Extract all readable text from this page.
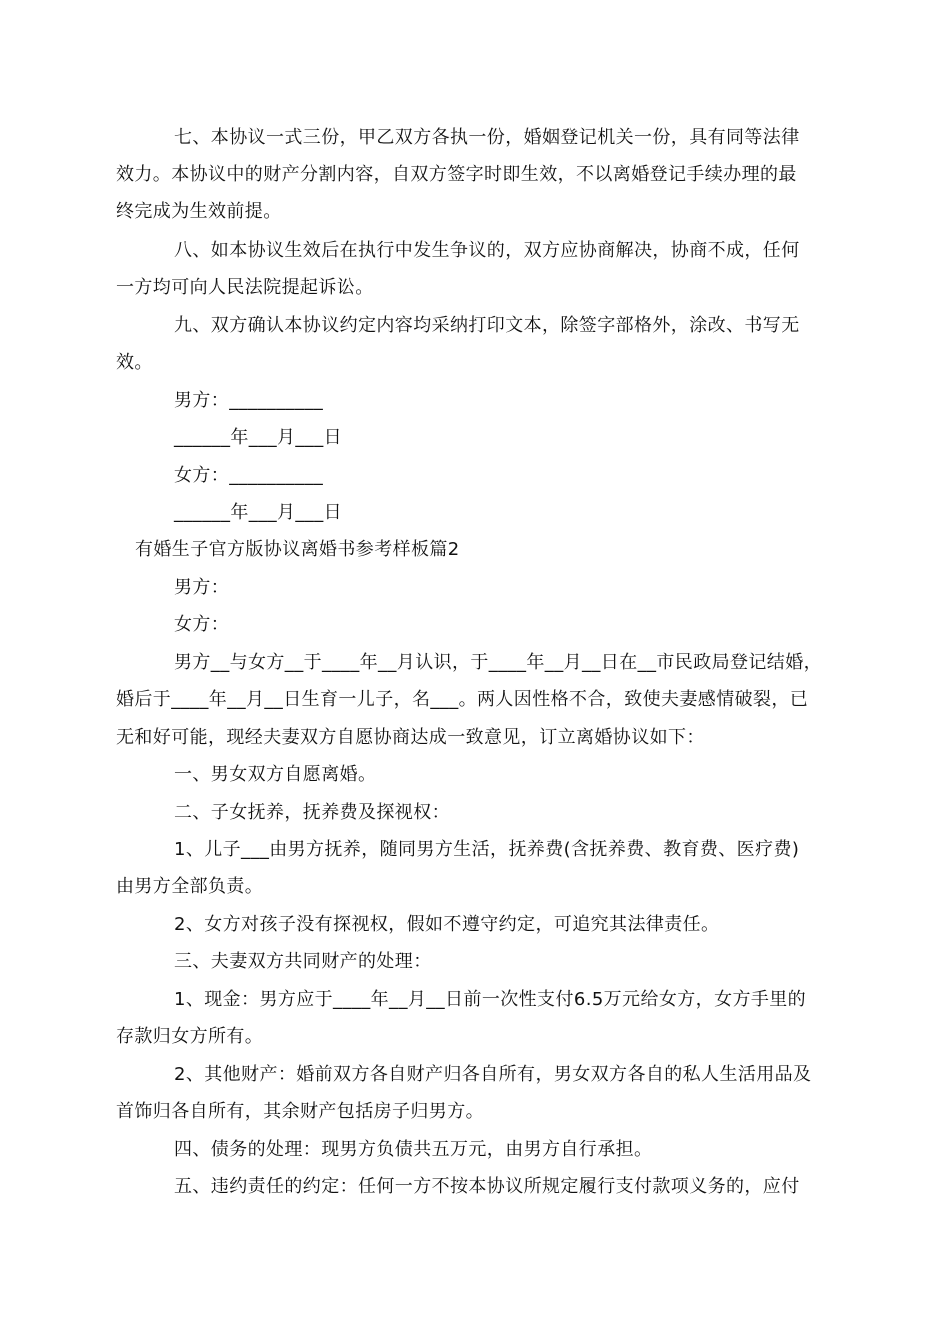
七、本协议一式三份，甲乙双方各执一份，婚姻登记机关一份，具有同等法律
效力。本协议中的财产分割内容，自双方签字时即生效，不以离婚登记手续办理的最
终完成为生效前提。
八、如本协议生效后在执行中发生争议的，双方应协商解决，协商不成，任何
一方均可向人民法院提起诉讼。
九、双方确认本协议约定内容均采纳打印文本，除签字部格外，涂改、书写无
效。
男方：__________
______年___月___日
女方：__________
______年___月___日
有婚生子官方版协议离婚书参考样板篇2
男方：
女方：
男方__与女方__于____年__月认识，于____年__月__日在__市民政局登记结婚，
婚后于____年__月__日生育一儿子，名___。两人因性格不合，致使夫妻感情破裂，已
无和好可能，现经夫妻双方自愿协商达成一致意见，订立离婚协议如下：
一、男女双方自愿离婚。
二、子女抚养，抚养费及探视权：
1、儿子___由男方抚养，随同男方生活，抚养费(含抚养费、教育费、医疗费)
由男方全部负责。
2、女方对孩子没有探视权，假如不遵守约定，可追究其法律责任。
三、夫妻双方共同财产的处理：
1、现金：男方应于____年__月__日前一次性支付6.5万元给女方，女方手里的
存款归女方所有。
2、其他财产：婚前双方各自财产归各自所有，男女双方各自的私人生活用品及
首饰归各自所有，其余财产包括房子归男方。
四、债务的处理：现男方负债共五万元，由男方自行承担。
五、违约责任的约定：任何一方不按本协议所规定履行支付款项义务的，应付
